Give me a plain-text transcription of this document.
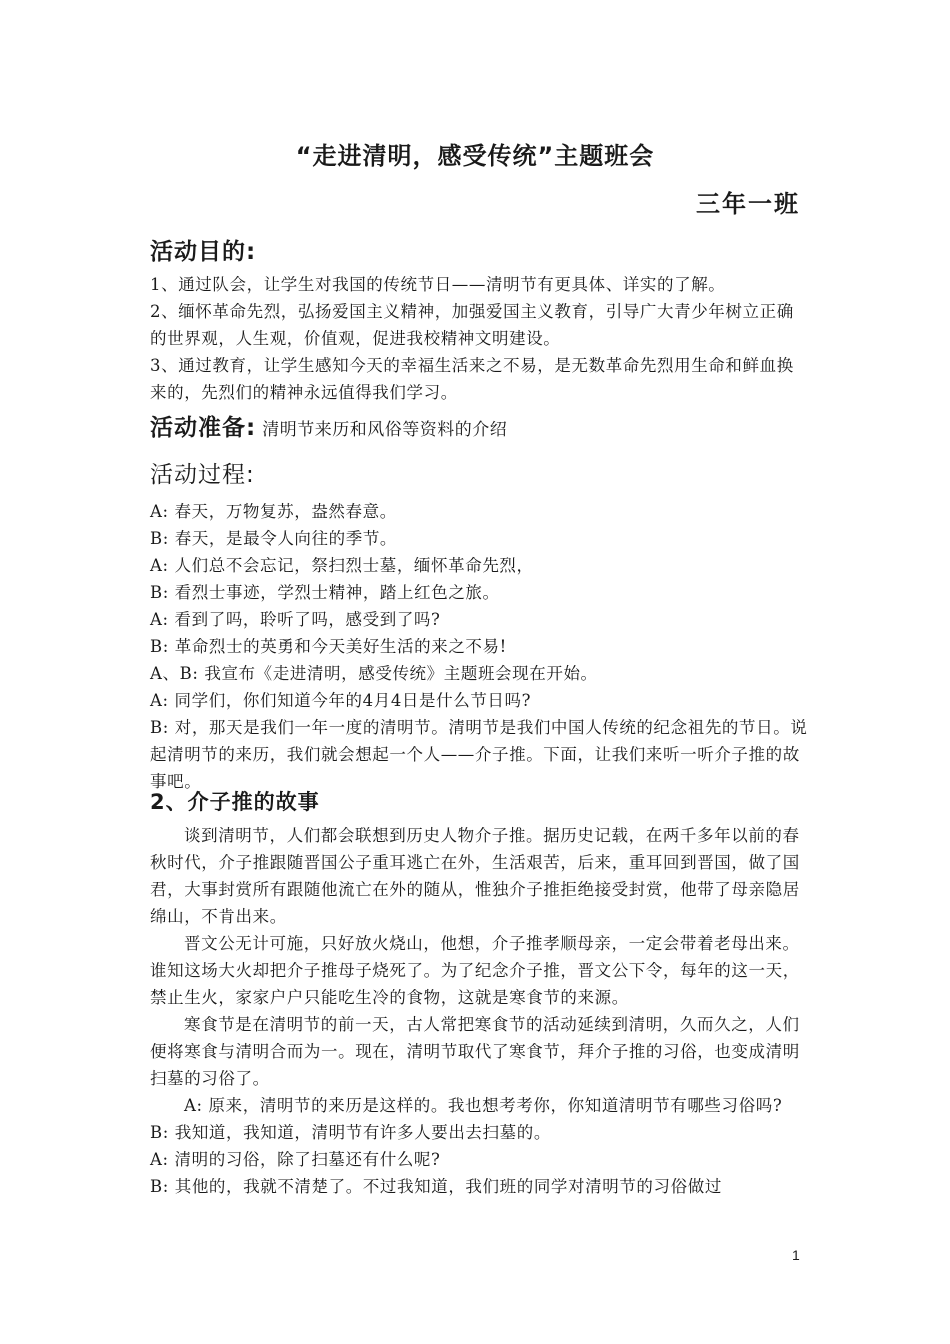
“走进清明，感受传统”主题班会
三年一班
活动目的:

1、通过队会，让学生对我国的传统节日——清明节有更具体、详实的了解。

2、缅怀革命先烈，弘扬爱国主义精神，加强爱国主义教育，引导广大青少年树立正确的世界观，人生观，价值观，促进我校精神文明建设。

3、通过教育，让学生感知今天的幸福生活来之不易，是无数革命先烈用生命和鲜血换来的，先烈们的精神永远值得我们学习。

活动准备: 清明节来历和风俗等资料的介绍
活动过程:

A: 春天，万物复苏，盎然春意。

B: 春天，是最令人向往的季节。

A: 人们总不会忘记，祭扫烈士墓，缅怀革命先烈，

B: 看烈士事迹，学烈士精神，踏上红色之旅。

A: 看到了吗，聆听了吗，感受到了吗?

B: 革命烈士的英勇和今天美好生活的来之不易!

A、B: 我宣布《走进清明，感受传统》主题班会现在开始。

A: 同学们，你们知道今年的4月4日是什么节日吗?

B: 对，那天是我们一年一度的清明节。清明节是我们中国人传统的纪念祖先的节日。说起清明节的来历，我们就会想起一个人——介子推。下面，让我们来听一听介子推的故事吧。

2、介子推的故事

谈到清明节，人们都会联想到历史人物介子推。据历史记载，在两千多年以前的春秋时代，介子推跟随晋国公子重耳逃亡在外，生活艰苦，后来，重耳回到晋国，做了国君，大事封赏所有跟随他流亡在外的随从，惟独介子推拒绝接受封赏，他带了母亲隐居绵山，不肯出来。

晋文公无计可施，只好放火烧山，他想，介子推孝顺母亲，一定会带着老母出来。谁知这场大火却把介子推母子烧死了。为了纪念介子推，晋文公下令，每年的这一天，禁止生火，家家户户只能吃生冷的食物，这就是寒食节的来源。

寒食节是在清明节的前一天，古人常把寒食节的活动延续到清明，久而久之，人们便将寒食与清明合而为一。现在，清明节取代了寒食节，拜介子推的习俗，也变成清明扫墓的习俗了。

A: 原来，清明节的来历是这样的。我也想考考你，你知道清明节有哪些习俗吗?

B: 我知道，我知道，清明节有许多人要出去扫墓的。

A: 清明的习俗，除了扫墓还有什么呢?

B: 其他的，我就不清楚了。不过我知道，我们班的同学对清明节的习俗做过

1
